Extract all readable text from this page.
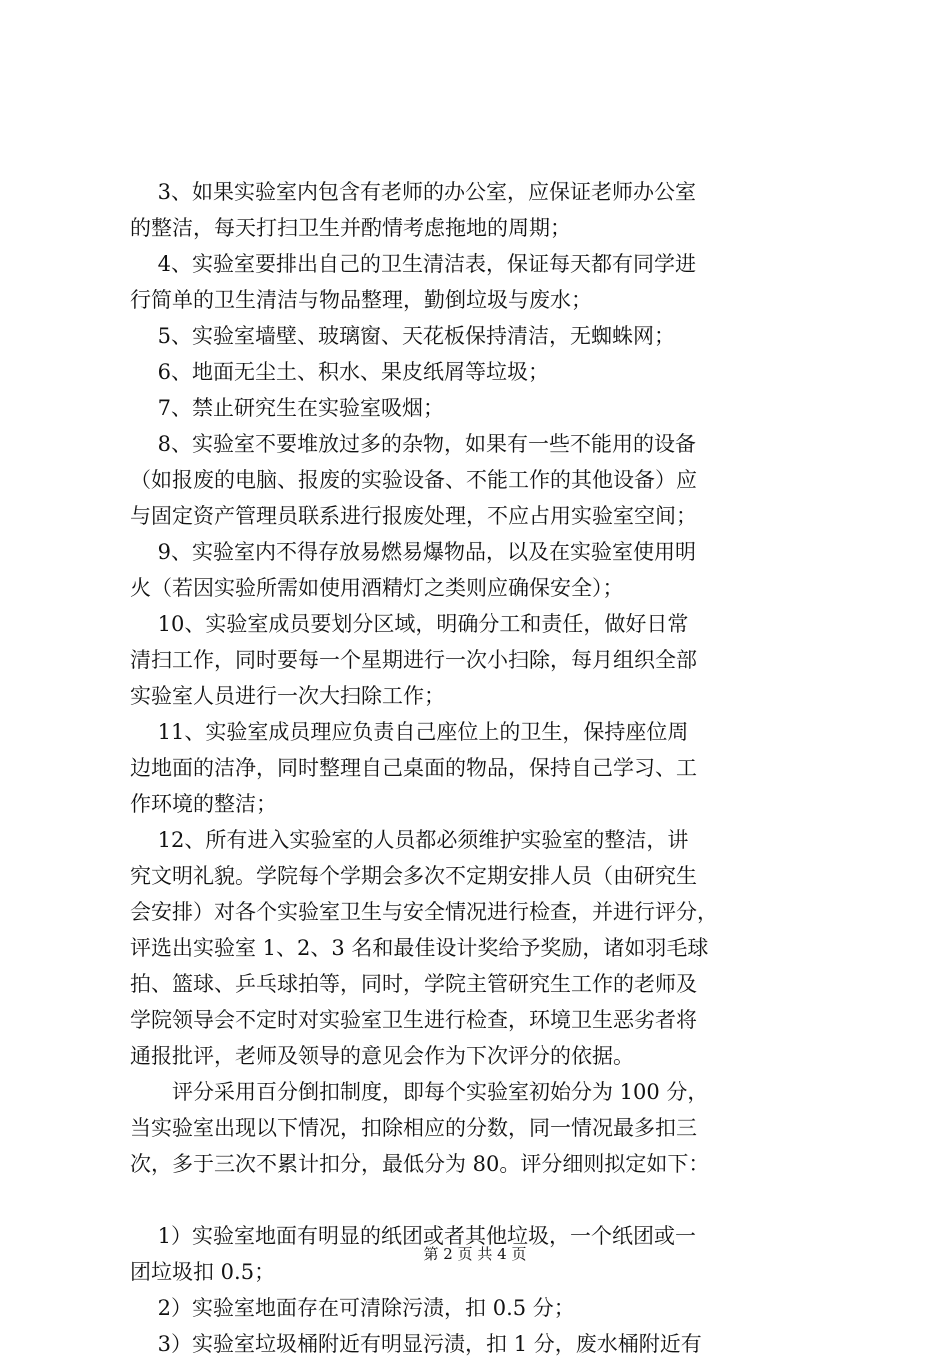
　 3、如果实验室内包含有老师的办公室，应保证老师办公室
的整洁，每天打扫卫生并酌情考虑拖地的周期；
　 4、实验室要排出自己的卫生清洁表，保证每天都有同学进
行简单的卫生清洁与物品整理，勤倒垃圾与废水；
　 5、实验室墙壁、玻璃窗、天花板保持清洁，无蜘蛛网；
　 6、地面无尘土、积水、果皮纸屑等垃圾；
　 7、禁止研究生在实验室吸烟；
　 8、实验室不要堆放过多的杂物，如果有一些不能用的设备
（如报废的电脑、报废的实验设备、不能工作的其他设备）应
与固定资产管理员联系进行报废处理，不应占用实验室空间；
　 9、实验室内不得存放易燃易爆物品，以及在实验室使用明
火（若因实验所需如使用酒精灯之类则应确保安全）；
　 10、实验室成员要划分区域，明确分工和责任，做好日常
清扫工作，同时要每一个星期进行一次小扫除，每月组织全部
实验室人员进行一次大扫除工作；
　 11、实验室成员理应负责自己座位上的卫生，保持座位周
边地面的洁净，同时整理自己桌面的物品，保持自己学习、工
作环境的整洁；
　 12、所有进入实验室的人员都必须维护实验室的整洁，讲
究文明礼貌。学院每个学期会多次不定期安排人员（由研究生
会安排）对各个实验室卫生与安全情况进行检查，并进行评分，
评选出实验室 1、2、3 名和最佳设计奖给予奖励，诸如羽毛球
拍、篮球、乒乓球拍等，同时，学院主管研究生工作的老师及
学院领导会不定时对实验室卫生进行检查，环境卫生恶劣者将
通报批评，老师及领导的意见会作为下次评分的依据。
　　评分采用百分倒扣制度，即每个实验室初始分为 100 分，
当实验室出现以下情况，扣除相应的分数，同一情况最多扣三
次，多于三次不累计扣分，最低分为 80。评分细则拟定如下：
　 1）实验室地面有明显的纸团或者其他垃圾，一个纸团或一
团垃圾扣 0.5；
　 2）实验室地面存在可清除污渍，扣 0.5 分；
　 3）实验室垃圾桶附近有明显污渍，扣 1 分，废水桶附近有
第 2 页 共 4 页
